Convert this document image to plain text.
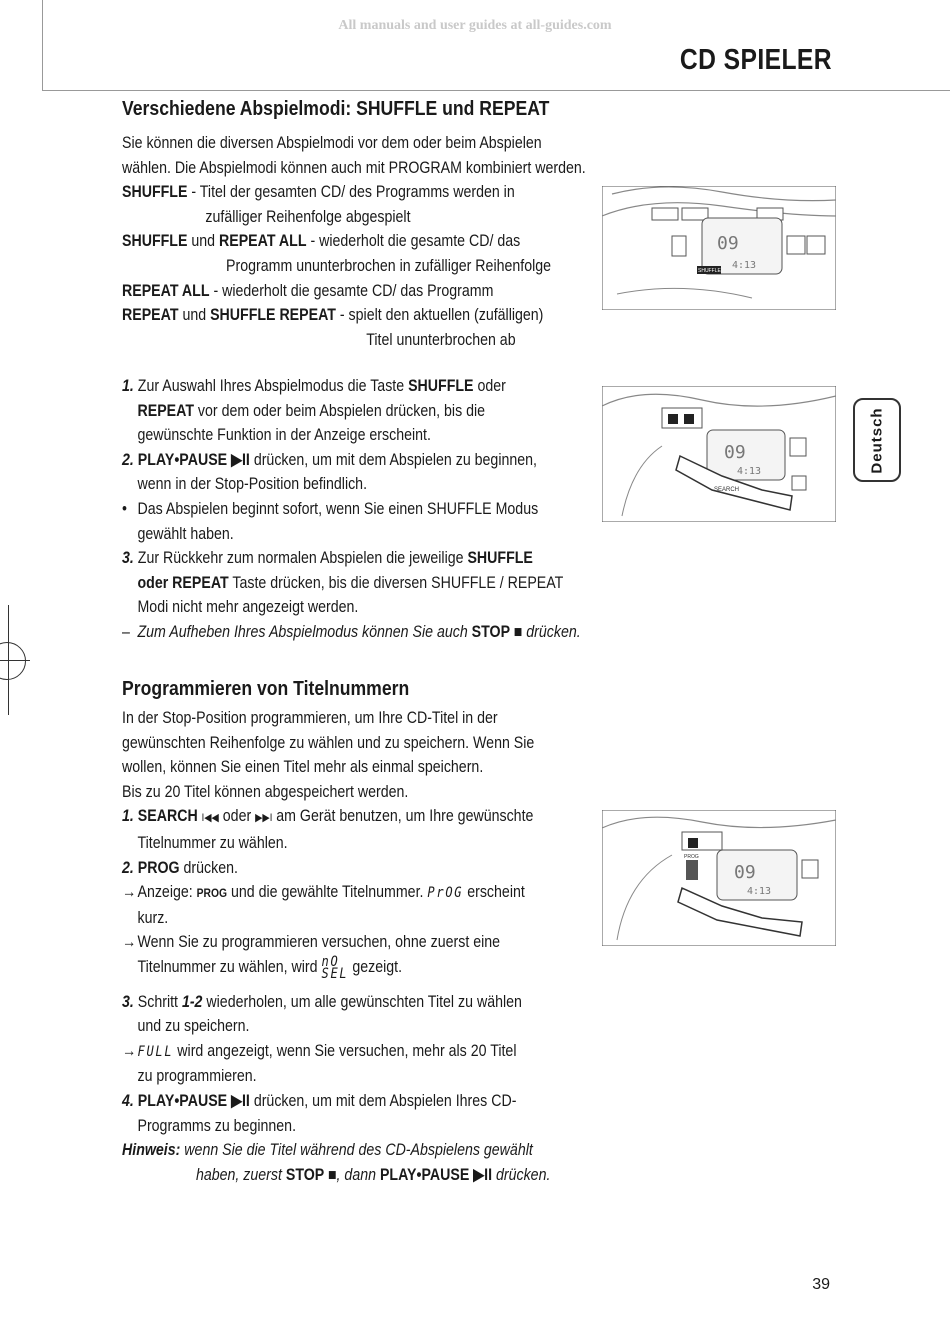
All manuals and user guides at all-guides.com
CD SPIELER
Verschiedene Abspielmodi: SHUFFLE und REPEAT

Sie können die diversen Abspielmodi vor dem oder beim Abspielen

wählen. Die Abspielmodi können auch mit PROGRAM kombiniert werden.

SHUFFLE - Titel der gesamten CD/ des Programms werden in

zufälliger Reihenfolge abgespielt

SHUFFLE und REPEAT ALL - wiederholt die gesamte CD/ das

Programm ununterbrochen in zufälliger Reihenfolge

REPEAT ALL - wiederholt die gesamte CD/ das Programm

REPEAT und SHUFFLE REPEAT - spielt den aktuellen (zufälligen)

Titel ununterbrochen ab

1. Zur Auswahl Ihres Abspielmodus die Taste SHUFFLE oder

REPEAT vor dem oder beim Abspielen drücken, bis die

gewünschte Funktion in der Anzeige erscheint.

2. PLAY•PAUSE ▶II drücken, um mit dem Abspielen zu beginnen,

wenn in der Stop-Position befindlich.

• Das Abspielen beginnt sofort, wenn Sie einen SHUFFLE Modus

gewählt haben.

3. Zur Rückkehr zum normalen Abspielen die jeweilige SHUFFLE

oder REPEAT Taste drücken, bis die diversen SHUFFLE / REPEAT

Modi nicht mehr angezeigt werden.

– Zum Aufheben Ihres Abspielmodus können Sie auch STOP ■ drücken.

Programmieren von Titelnummern

In der Stop-Position programmieren, um Ihre CD-Titel in der

gewünschten Reihenfolge zu wählen und zu speichern. Wenn Sie

wollen, können Sie einen Titel mehr als einmal speichern.

Bis zu 20 Titel können abgespeichert werden.

1. SEARCH I◀◀ oder ▶▶I am Gerät benutzen, um Ihre gewünschte

Titelnummer zu wählen.

2. PROG drücken.

→Anzeige: PROG und die gewählte Titelnummer. PrOG erscheint

kurz.

→Wenn Sie zu programmieren versuchen, ohne zuerst eine

Titelnummer zu wählen, wird nO
SEL gezeigt.

3. Schritt 1-2 wiederholen, um alle gewünschten Titel zu wählen

und zu speichern.

→FULL wird angezeigt, wenn Sie versuchen, mehr als 20 Titel

zu programmieren.

4. PLAY•PAUSE ▶II drücken, um mit dem Abspielen Ihres CD-

Programms zu beginnen.

Hinweis: wenn Sie die Titel während des CD-Abspielens gewählt

haben, zuerst STOP ■, dann PLAY•PAUSE ▶II drücken.

Deutsch
09
4:13
SHUFFLE
09
4:13
SEARCH
PROG
09
4:13
39
